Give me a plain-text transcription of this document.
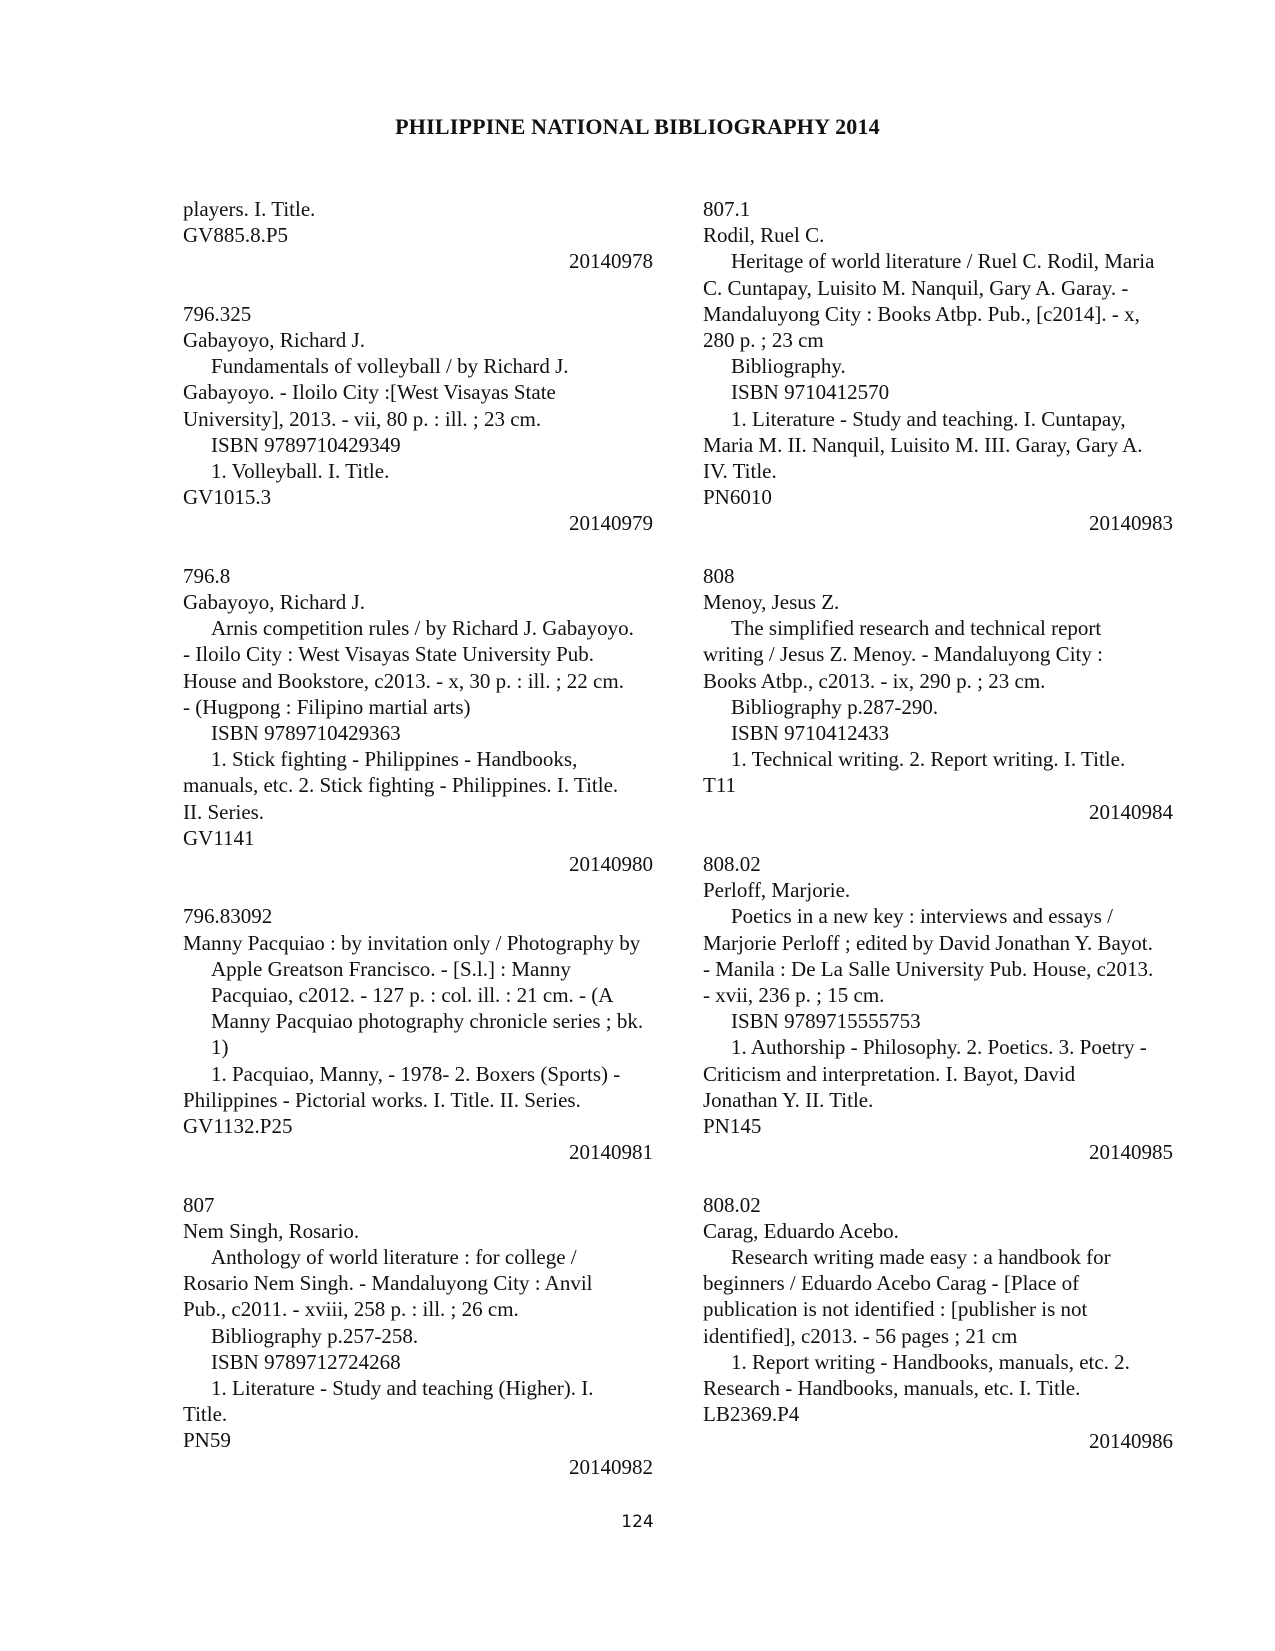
PHILIPPINE NATIONAL BIBLIOGRAPHY 2014
players. I. Title.
GV885.8.P5
20140978
796.325
Gabayoyo, Richard J.
Fundamentals of volleyball / by Richard J.
Gabayoyo. - Iloilo City :[West Visayas State
University], 2013. - vii, 80 p. : ill. ; 23 cm.
ISBN 9789710429349
1. Volleyball. I. Title.
GV1015.3
20140979
796.8
Gabayoyo, Richard J.
Arnis competition rules / by Richard J. Gabayoyo.
- Iloilo City : West Visayas State University Pub.
House and Bookstore, c2013. - x, 30 p. : ill. ; 22 cm.
- (Hugpong : Filipino martial arts)
ISBN 9789710429363
1. Stick fighting - Philippines - Handbooks,
manuals, etc. 2. Stick fighting - Philippines. I. Title.
II. Series.
GV1141
20140980
796.83092
Manny Pacquiao : by invitation only / Photography by Apple Greatson Francisco. - [S.l.] : Manny Pacquiao, c2012. - 127 p. : col. ill. : 21 cm. - (A Manny Pacquiao photography chronicle series ; bk. 1)
1. Pacquiao, Manny, - 1978- 2. Boxers (Sports) -
Philippines - Pictorial works. I. Title. II. Series.
GV1132.P25
20140981
807
Nem Singh, Rosario.
Anthology of world literature : for college /
Rosario Nem Singh. - Mandaluyong City : Anvil
Pub., c2011. - xviii, 258 p. : ill. ; 26 cm.
Bibliography p.257-258.
ISBN 9789712724268
1. Literature - Study and teaching (Higher). I.
Title.
PN59
20140982
807.1
Rodil, Ruel C.
Heritage of world literature / Ruel C. Rodil, Maria
C. Cuntapay, Luisito M. Nanquil, Gary A. Garay. -
Mandaluyong City : Books Atbp. Pub., [c2014]. - x,
280 p. ; 23 cm
Bibliography.
ISBN 9710412570
1. Literature - Study and teaching. I. Cuntapay,
Maria M. II. Nanquil, Luisito M. III. Garay, Gary A.
IV. Title.
PN6010
20140983
808
Menoy, Jesus Z.
The simplified research and technical report
writing / Jesus Z. Menoy. - Mandaluyong City :
Books Atbp., c2013. - ix, 290 p. ; 23 cm.
Bibliography p.287-290.
ISBN 9710412433
1. Technical writing. 2. Report writing. I. Title.
T11
20140984
808.02
Perloff, Marjorie.
Poetics in a new key : interviews and essays /
Marjorie Perloff ; edited by David Jonathan Y. Bayot.
- Manila : De La Salle University Pub. House, c2013.
- xvii, 236 p. ; 15 cm.
ISBN 9789715555753
1. Authorship - Philosophy. 2. Poetics. 3. Poetry -
Criticism and interpretation. I. Bayot, David
Jonathan Y. II. Title.
PN145
20140985
808.02
Carag, Eduardo Acebo.
Research writing made easy : a handbook for
beginners / Eduardo Acebo Carag - [Place of
publication is not identified : [publisher is not
identified], c2013. - 56 pages ; 21 cm
1. Report writing - Handbooks, manuals, etc. 2.
Research - Handbooks, manuals, etc. I. Title.
LB2369.P4
20140986
124
